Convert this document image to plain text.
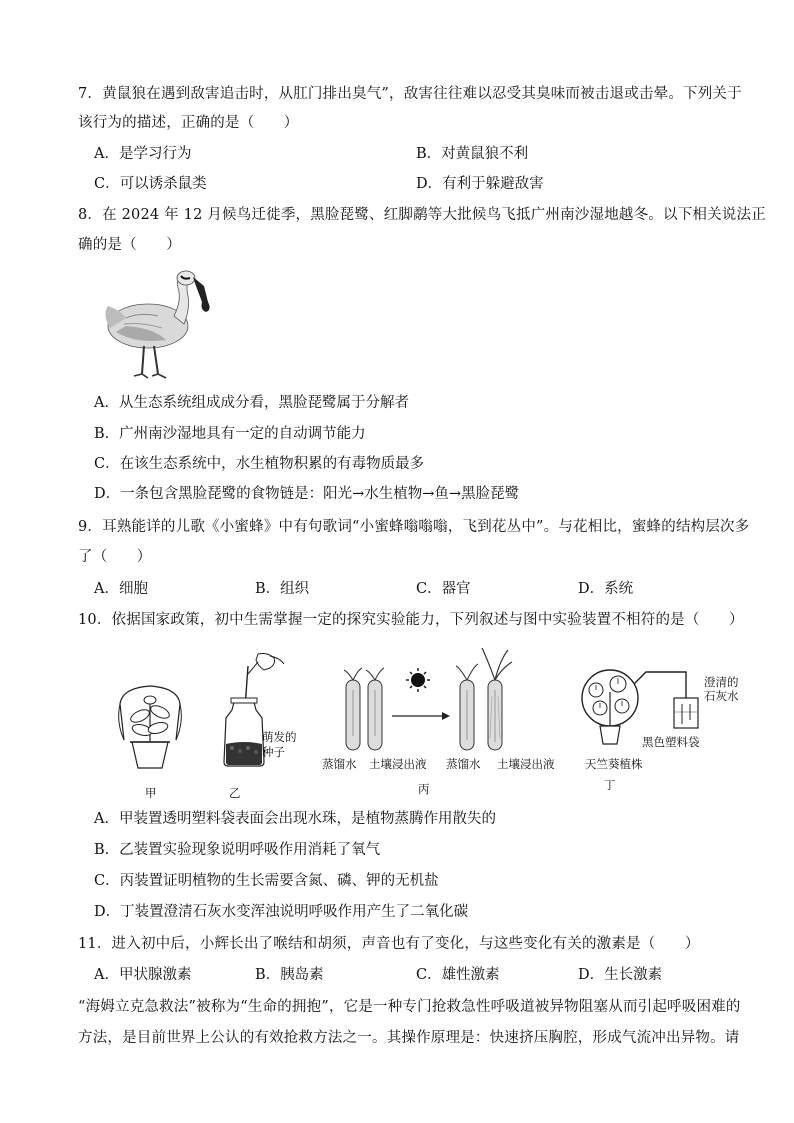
7．黄鼠狼在遇到敌害追击时，从肛门排出臭气”，敌害往往难以忍受其臭味而被击退或击晕。下列关于
该行为的描述，正确的是（　　）
A．是学习行为	B．对黄鼠狼不利
C．可以诱杀鼠类	D．有利于躲避敌害
8．在 2024 年 12 月候鸟迁徙季，黑脸琵鹭、红脚鹬等大批候鸟飞抵广州南沙湿地越冬。以下相关说法正
确的是（　　）
A．从生态系统组成成分看，黑脸琵鹭属于分解者
B．广州南沙湿地具有一定的自动调节能力
C．在该生态系统中，水生植物积累的有毒物质最多
D．一条包含黑脸琵鹭的食物链是：阳光→水生植物→鱼→黑脸琵鹭
9．耳熟能详的儿歌《小蜜蜂》中有句歌词“小蜜蜂嗡嗡嗡，飞到花丛中”。与花相比，蜜蜂的结构层次多
了（　　）
A．细胞	B．组织	C．器官	D．系统
10．依据国家政策，初中生需掌握一定的探究实验能力，下列叙述与图中实验装置不相符的是（　　）
甲
萌发的
种子
乙
蒸馏水 土壤浸出液 蒸馏水 土壤浸出液
丙
澄清的
石灰水
黑色塑料袋
天竺葵植株
丁
A．甲装置透明塑料袋表面会出现水珠，是植物蒸腾作用散失的
B．乙装置实验现象说明呼吸作用消耗了氧气
C．丙装置证明植物的生长需要含氮、磷、钾的无机盐
D．丁装置澄清石灰水变浑浊说明呼吸作用产生了二氧化碳
11．进入初中后，小辉长出了喉结和胡须，声音也有了变化，与这些变化有关的激素是（　　）
A．甲状腺激素	B．胰岛素	C．雄性激素	D．生长激素
“海姆立克急救法”被称为“生命的拥抱”，它是一种专门抢救急性呼吸道被异物阻塞从而引起呼吸困难的
方法，是目前世界上公认的有效抢救方法之一。其操作原理是：快速挤压胸腔，形成气流冲出异物。请
